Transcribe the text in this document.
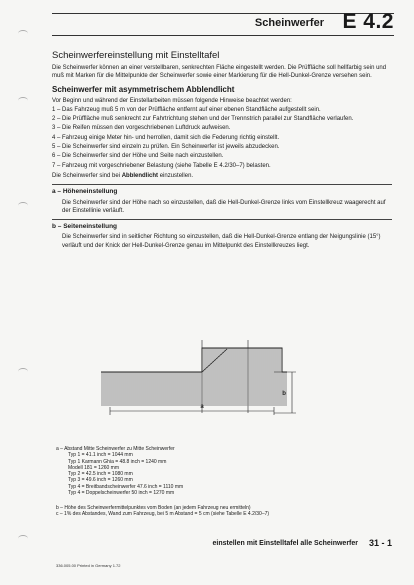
Scheinwerfer E 4.2
Scheinwerfereinstellung mit Einstelltafel

Die Scheinwerfer können an einer verstellbaren, senkrechten Fläche eingestellt werden. Die Prüffläche soll hellfarbig sein und muß mit Marken für die Mittelpunkte der Scheinwerfer sowie einer Markierung für die Hell-Dunkel-Grenze versehen sein.

Scheinwerfer mit asymmetrischem Abblendlicht

Vor Beginn und während der Einstellarbeiten müssen folgende Hinweise beachtet werden:

1 – Das Fahrzeug muß 5 m von der Prüffläche entfernt auf einer ebenen Standfläche aufgestellt sein.
2 – Die Prüffläche muß senkrecht zur Fahrtrichtung stehen und der Trennstrich parallel zur Standfläche verlaufen.
3 – Die Reifen müssen den vorgeschriebenen Luftdruck aufweisen.
4 – Fahrzeug einige Meter hin- und herrollen, damit sich die Federung richtig einstellt.
5 – Die Scheinwerfer sind einzeln zu prüfen. Ein Scheinwerfer ist jeweils abzudecken.
6 – Die Scheinwerfer sind der Höhe und Seite nach einzustellen.
7 – Fahrzeug mit vorgeschriebener Belastung (siehe Tabelle E 4.2/30–7) belasten.

Die Scheinwerfer sind bei Abblendlicht einzustellen.

a – Höheneinstellung

Die Scheinwerfer sind der Höhe nach so einzustellen, daß die Hell-Dunkel-Grenze links vom Einstellkreuz waagerecht auf der Einstellinie verläuft.

b – Seiteneinstellung

Die Scheinwerfer sind in seitlicher Richtung so einzustellen, daß die Hell-Dunkel-Grenze entlang der Neigungslinie (15°) verläuft und der Knick der Hell-Dunkel-Grenze genau im Mittelpunkt des Einstellkreuzes liegt.

a
b

a – Abstand Mitte Scheinwerfer zu Mitte Scheinwerfer

Typ 1 = 41.1 inch = 1044 mm

Typ 1 Karmann Ghia = 48.8 inch = 1240 mm

Modell 181 = 1260 mm

Typ 2 = 42.5 inch = 1080 mm

Typ 3 = 49.6 inch = 1260 mm

Typ 4 = Breitbandscheinwerfer 47.6 inch = 1110 mm

Typ 4 = Doppelscheinwerfer 50 inch = 1270 mm

b – Höhe des Scheinwerfermittelpunktes vom Boden (an jedem Fahrzeug neu ermitteln)

c – 1% des Abstandes, Wand zum Fahrzeug, bei 5 m Abstand = 5 cm (siehe Tabelle E 4.2/30–7)

einstellen mit Einstelltafel alle Scheinwerfer 31 - 1
336.005.00 Printed in Germany 1.72
